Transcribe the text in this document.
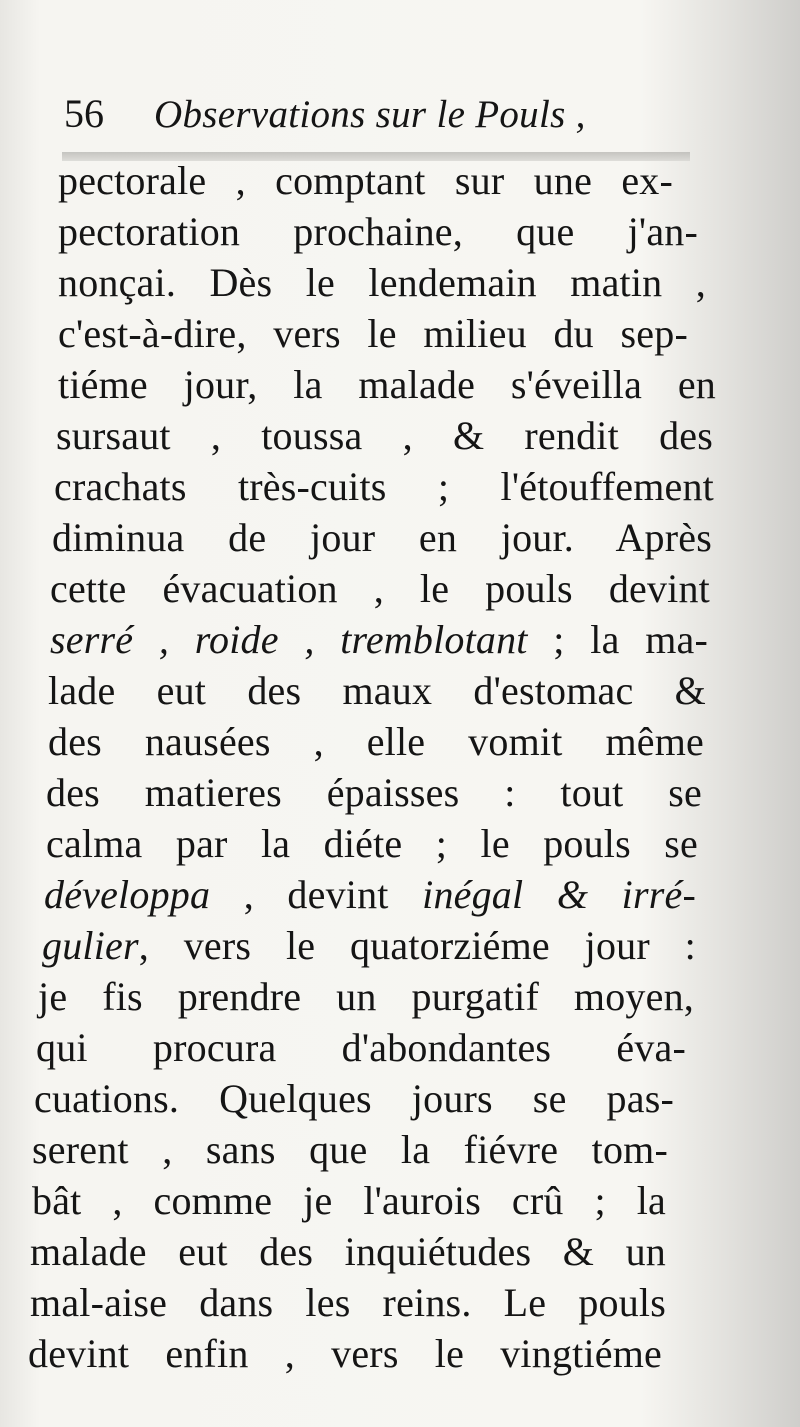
56 Observations sur le Pouls ,
pectorale , comptant sur une ex-
pectoration prochaine, que j'an-
nonçai. Dès le lendemain matin ,
c'est-à-dire, vers le milieu du sep-
tiéme jour, la malade s'éveilla en
sursaut , toussa , & rendit des
crachats très-cuits ; l'étouffement
diminua de jour en jour. Après
cette évacuation , le pouls devint
serré , roide , tremblotant ; la ma-
lade eut des maux d'estomac &
des nausées , elle vomit même
des matieres épaisses : tout se
calma par la diéte ; le pouls se
développa , devint inégal & irré-
gulier, vers le quatorziéme jour :
je fis prendre un purgatif moyen,
qui procura d'abondantes éva-
cuations. Quelques jours se pas-
serent , sans que la fiévre tom-
bât , comme je l'aurois crû ; la
malade eut des inquiétudes & un
mal-aise dans les reins. Le pouls
devint enfin , vers le vingtiéme
